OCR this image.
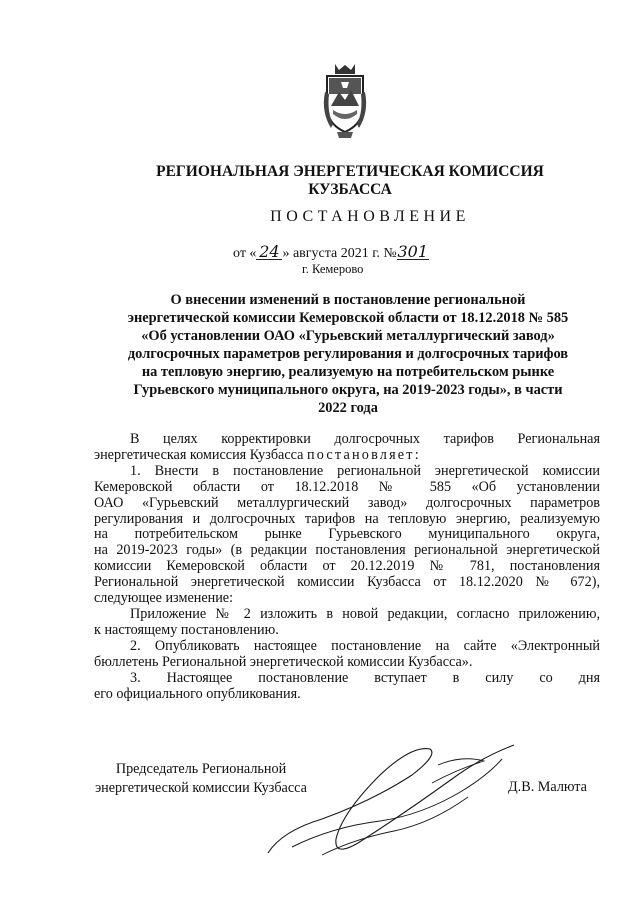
РЕГИОНАЛЬНАЯ ЭНЕРГЕТИЧЕСКАЯ КОМИССИЯ
КУЗБАССА
ПОСТАНОВЛЕНИЕ
от « 24 » августа 2021 г. №301
г. Кемерово
О внесении изменений в постановление региональной
энергетической комиссии Кемеровской области от 18.12.2018 № 585
«Об установлении ОАО «Гурьевский металлургический завод»
долгосрочных параметров регулирования и долгосрочных тарифов
на тепловую энергию, реализуемую на потребительском рынке
Гурьевского муниципального округа, на 2019-2023 годы», в части
2022 года
В целях корректировки долгосрочных тарифов Региональная
энергетическая комиссия Кузбасса постановляет:
1. Внести в постановление региональной энергетической комиссии
Кемеровской области от 18.12.2018 № 585 «Об установлении
ОАО «Гурьевский металлургический завод» долгосрочных параметров
регулирования и долгосрочных тарифов на тепловую энергию, реализуемую
на потребительском рынке Гурьевского муниципального округа,
на 2019-2023 годы» (в редакции постановления региональной энергетической
комиссии Кемеровской области от 20.12.2019 № 781, постановления
Региональной энергетической комиссии Кузбасса от 18.12.2020 № 672),
следующее изменение:
Приложение № 2 изложить в новой редакции, согласно приложению,
к настоящему постановлению.
2. Опубликовать настоящее постановление на сайте «Электронный
бюллетень Региональной энергетической комиссии Кузбасса».
3. Настоящее постановление вступает в силу со дня
его официального опубликования.
Председатель Региональной
энергетической комиссии Кузбасса	Д.В. Малюта
